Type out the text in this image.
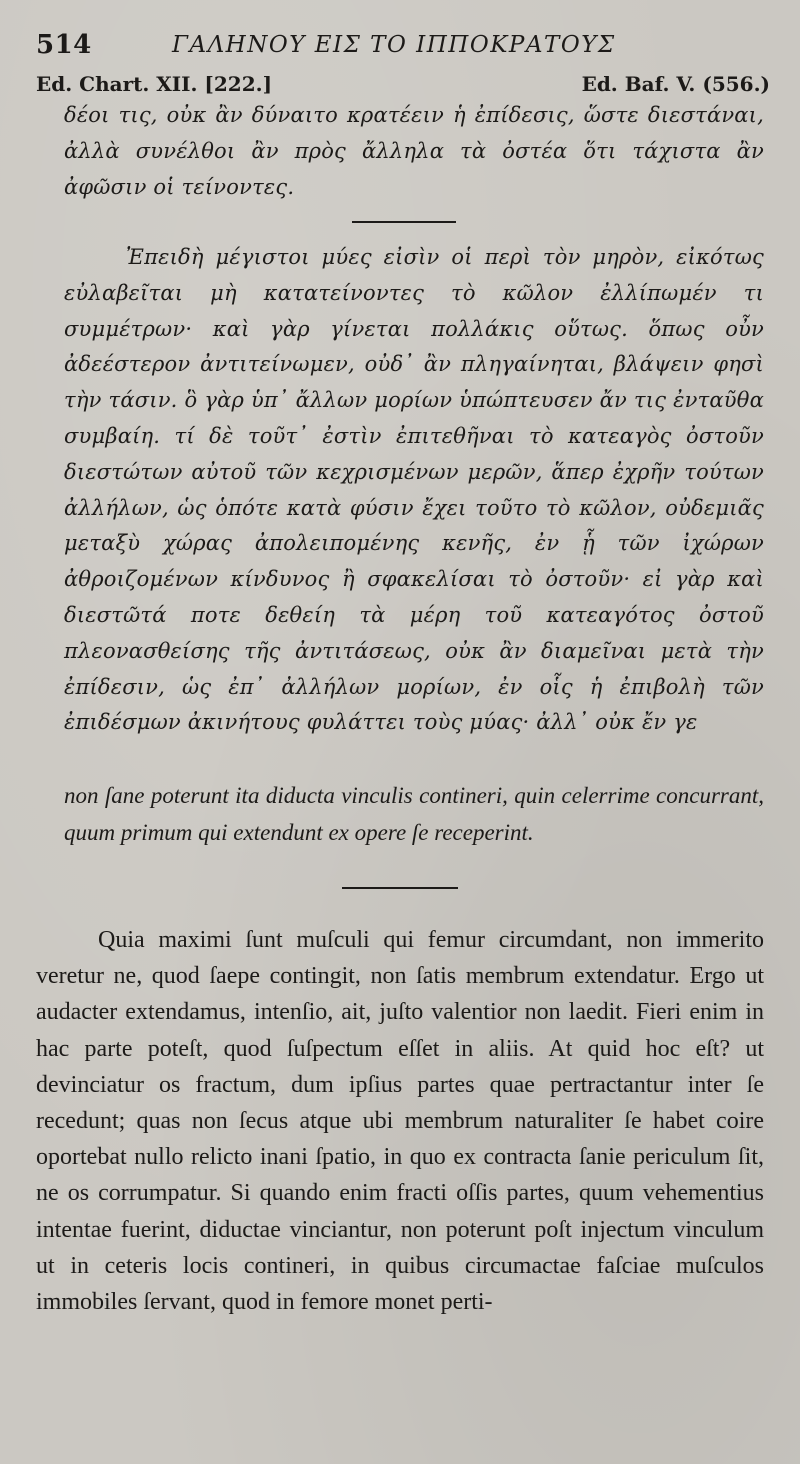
514	ΓΑΛΗΝΟΥ ΕΙΣ ΤΟ ΙΠΠΟΚΡΑΤΟΥΣ
Ed. Chart. XII. [222.]	Ed. Baf. V. (556.)

δέοι τις, οὐκ ἂν δύναιτο κρατέειν ἡ ἐπίδεσις, ὥστε διεστάναι, ἀλλὰ συνέλθοι ἂν πρὸς ἄλληλα τὰ ὀστέα ὅτι τάχιστα ἂν ἀφῶσιν οἱ τείνοντες.

Ἐπειδὴ μέγιστοι μύες εἰσὶν οἱ περὶ τὸν μηρὸν, εἰκότως εὐλαβεῖται μὴ κατατείνοντες τὸ κῶλον ἐλλίπωμέν τι συμμέτρων· καὶ γὰρ γίνεται πολλάκις οὕτως. ὅπως οὖν ἀδεέστερον ἀντιτείνωμεν, οὐδ᾽ ἂν πληγαίνηται, βλάψειν φησὶ τὴν τάσιν. ὃ γὰρ ὑπ᾽ ἄλλων μορίων ὑπώπτευσεν ἄν τις ἐνταῦθα συμβαίη. τί δὲ τοῦτ᾽ ἐστὶν ἐπιτεθῆναι τὸ κατεαγὸς ὀστοῦν διεστώτων αὐτοῦ τῶν κεχρισμένων μερῶν, ἅπερ ἐχρῆν τούτων ἀλλήλων, ὡς ὁπότε κατὰ φύσιν ἔχει τοῦτο τὸ κῶλον, οὐδεμιᾶς μεταξὺ χώρας ἀπολειπομένης κενῆς, ἐν ᾗ τῶν ἰχώρων ἀθροιζομένων κίνδυνος ἢ σφακελίσαι τὸ ὀστοῦν· εἰ γὰρ καὶ διεστῶτά ποτε δεθείη τὰ μέρη τοῦ κατεαγότος ὀστοῦ πλεονασθείσης τῆς ἀντιτάσεως, οὐκ ἂν διαμεῖναι μετὰ τὴν ἐπίδεσιν, ὡς ἐπ᾽ ἀλλήλων μορίων, ἐν οἷς ἡ ἐπιβολὴ τῶν ἐπιδέσμων ἀκινήτους φυλάττει τοὺς μύας· ἀλλ᾽ οὐκ ἔν γε

non ſane poterunt ita diducta vinculis contineri, quin celerrime concurrant, quum primum qui extendunt ex opere ſe receperint.

Quia maximi ſunt muſculi qui femur circumdant, non immerito veretur ne, quod ſaepe contingit, non ſatis membrum extendatur. Ergo ut audacter extendamus, intenſio, ait, juſto valentior non laedit. Fieri enim in hac parte poteſt, quod ſuſpectum eſſet in aliis. At quid hoc eſt? ut devinciatur os fractum, dum ipſius partes quae pertractantur inter ſe recedunt; quas non ſecus atque ubi membrum naturaliter ſe habet coire oportebat nullo relicto inani ſpatio, in quo ex contracta ſanie periculum ſit, ne os corrumpatur. Si quando enim fracti oſſis partes, quum vehementius intentae fuerint, diductae vinciantur, non poterunt poſt injectum vinculum ut in ceteris locis contineri, in quibus circumactae faſciae muſculos immobiles ſervant, quod in femore monet perti-
